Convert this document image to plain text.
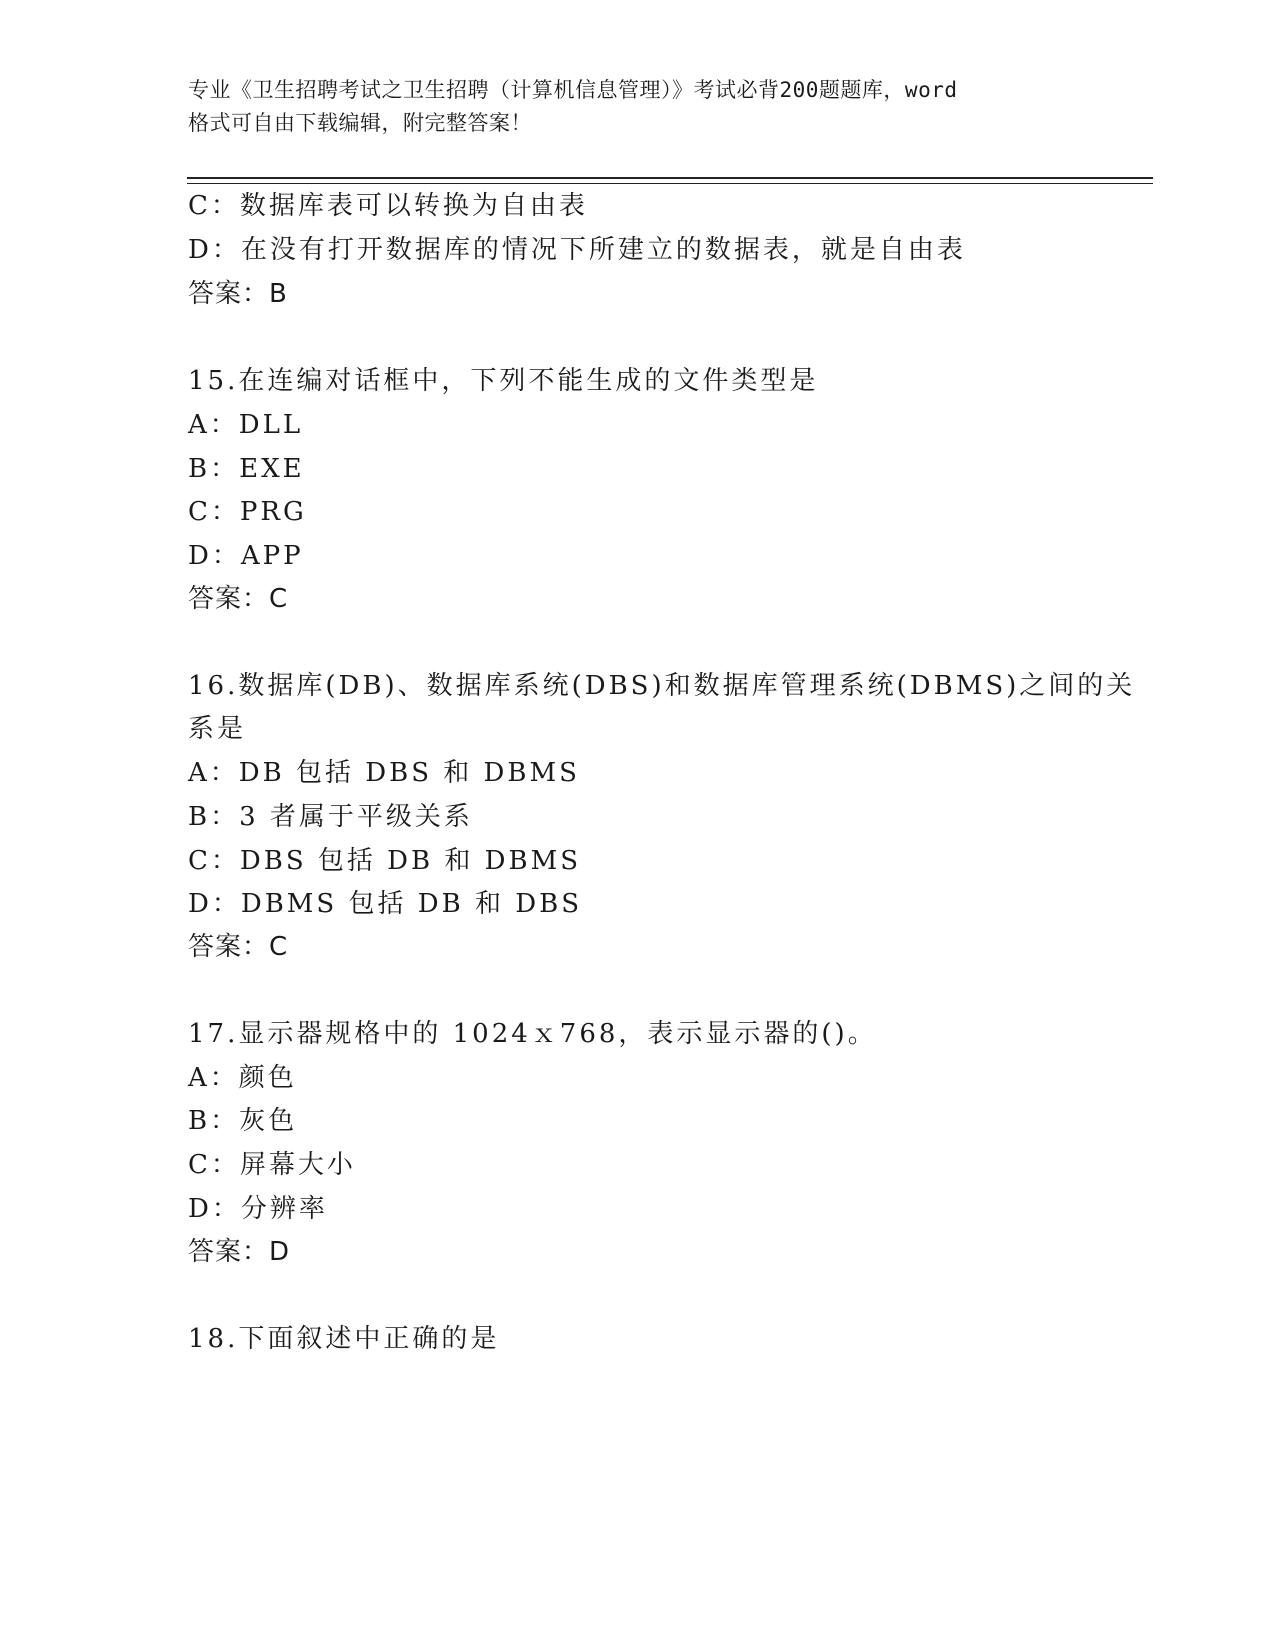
专业《卫生招聘考试之卫生招聘（计算机信息管理）》考试必背200题题库，word
格式可自由下载编辑，附完整答案！
C：数据库表可以转换为自由表
D：在没有打开数据库的情况下所建立的数据表，就是自由表
答案：B
15.在连编对话框中，下列不能生成的文件类型是
A：DLL
B：EXE
C：PRG
D：APP
答案：C
16.数据库(DB)、数据库系统(DBS)和数据库管理系统(DBMS)之间的关
系是
A：DB 包括 DBS 和 DBMS
B：3 者属于平级关系
C：DBS 包括 DB 和 DBMS
D：DBMS 包括 DB 和 DBS
答案：C
17.显示器规格中的 1024ｘ768，表示显示器的()。
A：颜色
B：灰色
C：屏幕大小
D：分辨率
答案：D
18.下面叙述中正确的是
